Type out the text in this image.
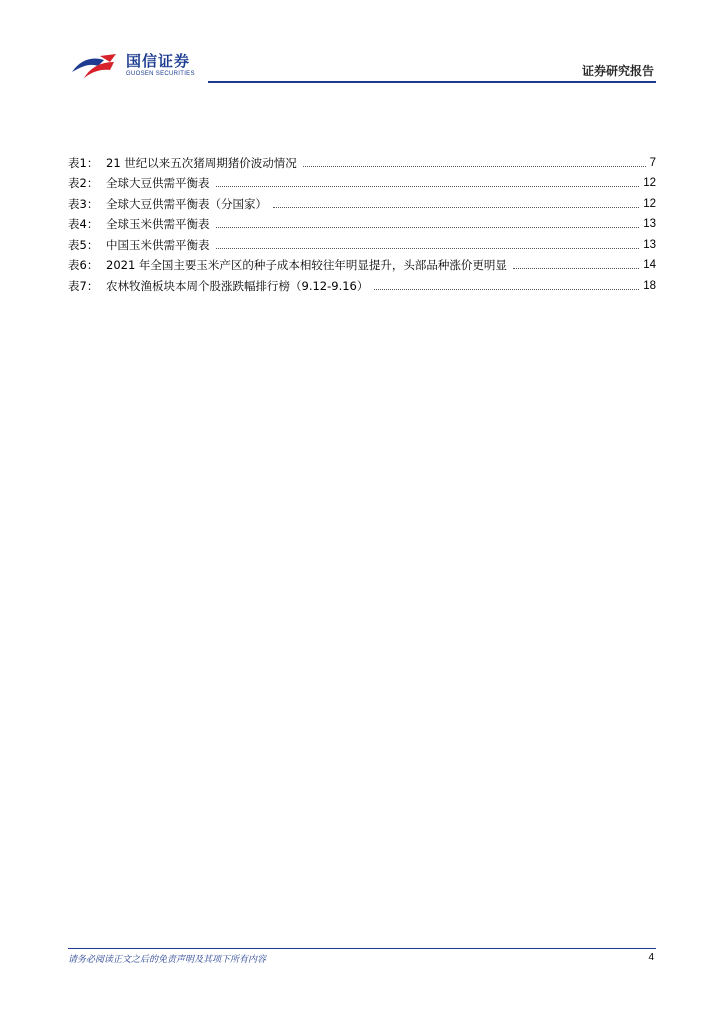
国信证券
GUOSEN SECURITIES	证券研究报告
表1： 21 世纪以来五次猪周期猪价波动情况	7
表2： 全球大豆供需平衡表	12
表3： 全球大豆供需平衡表（分国家）	12
表4： 全球玉米供需平衡表	13
表5： 中国玉米供需平衡表	13
表6： 2021 年全国主要玉米产区的种子成本相较往年明显提升，头部品种涨价更明显	14
表7： 农林牧渔板块本周个股涨跌幅排行榜（9.12-9.16）	18
请务必阅读正文之后的免责声明及其项下所有内容	4
